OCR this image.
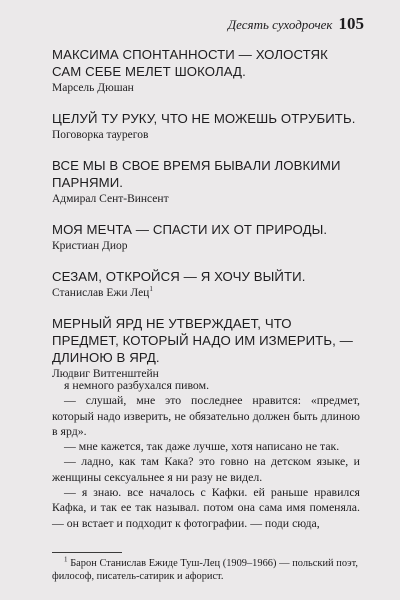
Десять суходрочек 105
МАКСИМА СПОНТАННОСТИ — ХОЛОСТЯК САМ СЕБЕ МЕЛЕТ ШОКОЛАД.
Марсель Дюшан
ЦЕЛУЙ ТУ РУКУ, ЧТО НЕ МОЖЕШЬ ОТРУБИТЬ.
Поговорка таурегов
ВСЕ МЫ В СВОЕ ВРЕМЯ БЫВАЛИ ЛОВКИМИ ПАРНЯМИ.
Адмирал Сент-Винсент
МОЯ МЕЧТА — СПАСТИ ИХ ОТ ПРИРОДЫ.
Кристиан Диор
СЕЗАМ, ОТКРОЙСЯ — Я ХОЧУ ВЫЙТИ.
Станислав Ежи Лец$^1$
МЕРНЫЙ ЯРД НЕ УТВЕРЖДАЕТ, ЧТО ПРЕДМЕТ, КОТОРЫЙ НАДО ИМ ИЗМЕРИТЬ, — ДЛИНОЮ В ЯРД.
Людвиг Витгенштейн

я немного разбухался пивом.

— слушай, мне это последнее нравится: «предмет, который надо изверить, не обязательно должен быть длиною в ярд».

— мне кажется, так даже лучше, хотя написано не так.

— ладно, как там Кака? это говно на детском языке, и женщины сексуальнее я ни разу не видел.

— я знаю. все началось с Кафки. ей раньше нравился Кафка, и так ее так называл. потом она сама имя поменяла. — он встает и подходит к фотографии. — поди сюда,

$^1$ Барон Станислав Ежиде Туш-Лец (1909–1966) — польский поэт, философ, писатель-сатирик и афорист.
